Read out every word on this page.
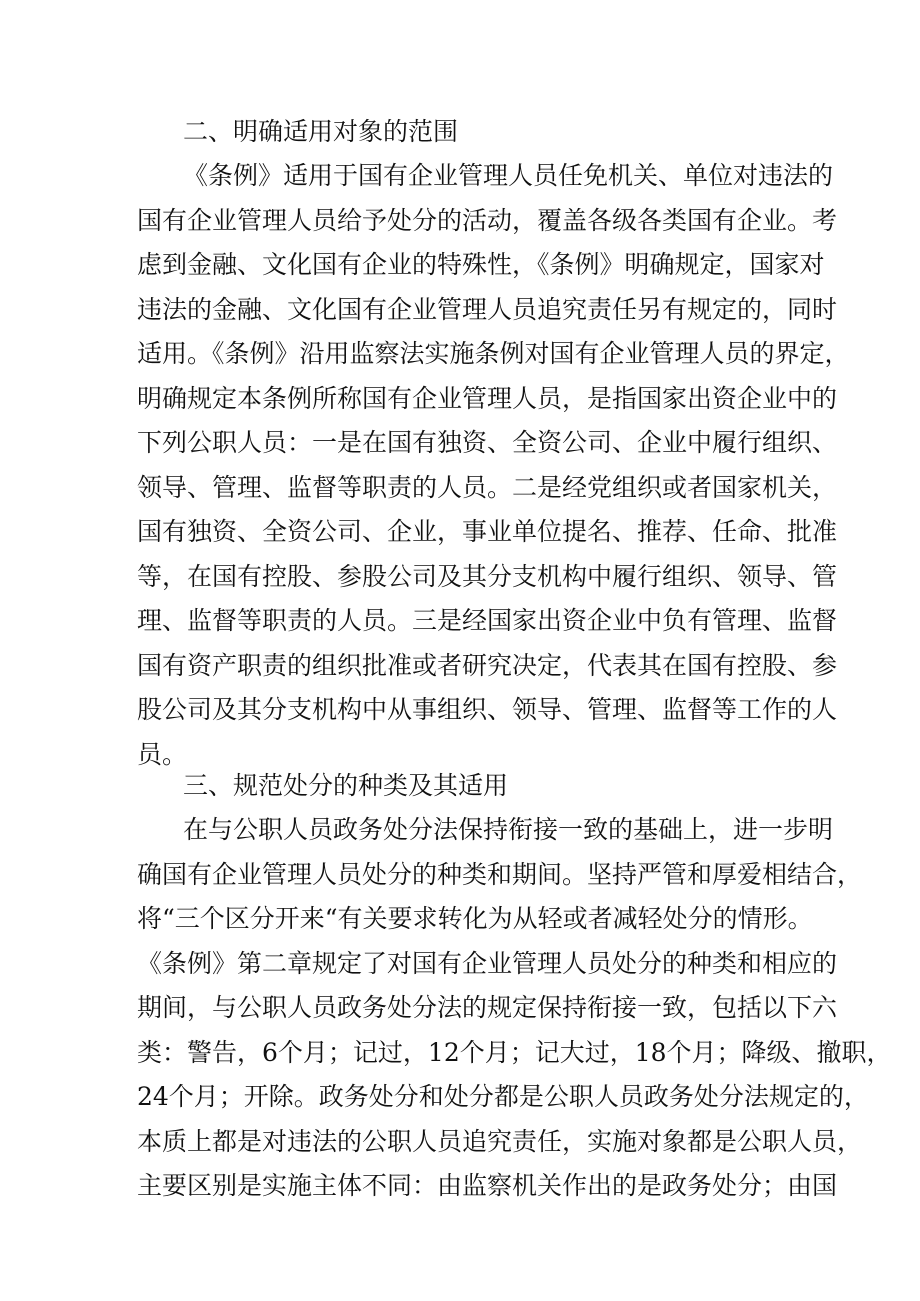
二、明确适用对象的范围
《条例》适用于国有企业管理人员任免机关、单位对违法的
国有企业管理人员给予处分的活动，覆盖各级各类国有企业。考
虑到金融、文化国有企业的特殊性，《条例》明确规定，国家对
违法的金融、文化国有企业管理人员追究责任另有规定的，同时
适用。《条例》沿用监察法实施条例对国有企业管理人员的界定，
明确规定本条例所称国有企业管理人员，是指国家出资企业中的
下列公职人员：一是在国有独资、全资公司、企业中履行组织、
领导、管理、监督等职责的人员。二是经党组织或者国家机关，
国有独资、全资公司、企业，事业单位提名、推荐、任命、批准
等，在国有控股、参股公司及其分支机构中履行组织、领导、管
理、监督等职责的人员。三是经国家出资企业中负有管理、监督
国有资产职责的组织批准或者研究决定，代表其在国有控股、参
股公司及其分支机构中从事组织、领导、管理、监督等工作的人
员。
三、规范处分的种类及其适用
在与公职人员政务处分法保持衔接一致的基础上，进一步明
确国有企业管理人员处分的种类和期间。坚持严管和厚爱相结合，
将“三个区分开来“有关要求转化为从轻或者减轻处分的情形。
《条例》第二章规定了对国有企业管理人员处分的种类和相应的
期间，与公职人员政务处分法的规定保持衔接一致，包括以下六
类：警告，6个月；记过，12个月；记大过，18个月；降级、撤职，
24个月；开除。政务处分和处分都是公职人员政务处分法规定的，
本质上都是对违法的公职人员追究责任，实施对象都是公职人员，
主要区别是实施主体不同：由监察机关作出的是政务处分；由国
